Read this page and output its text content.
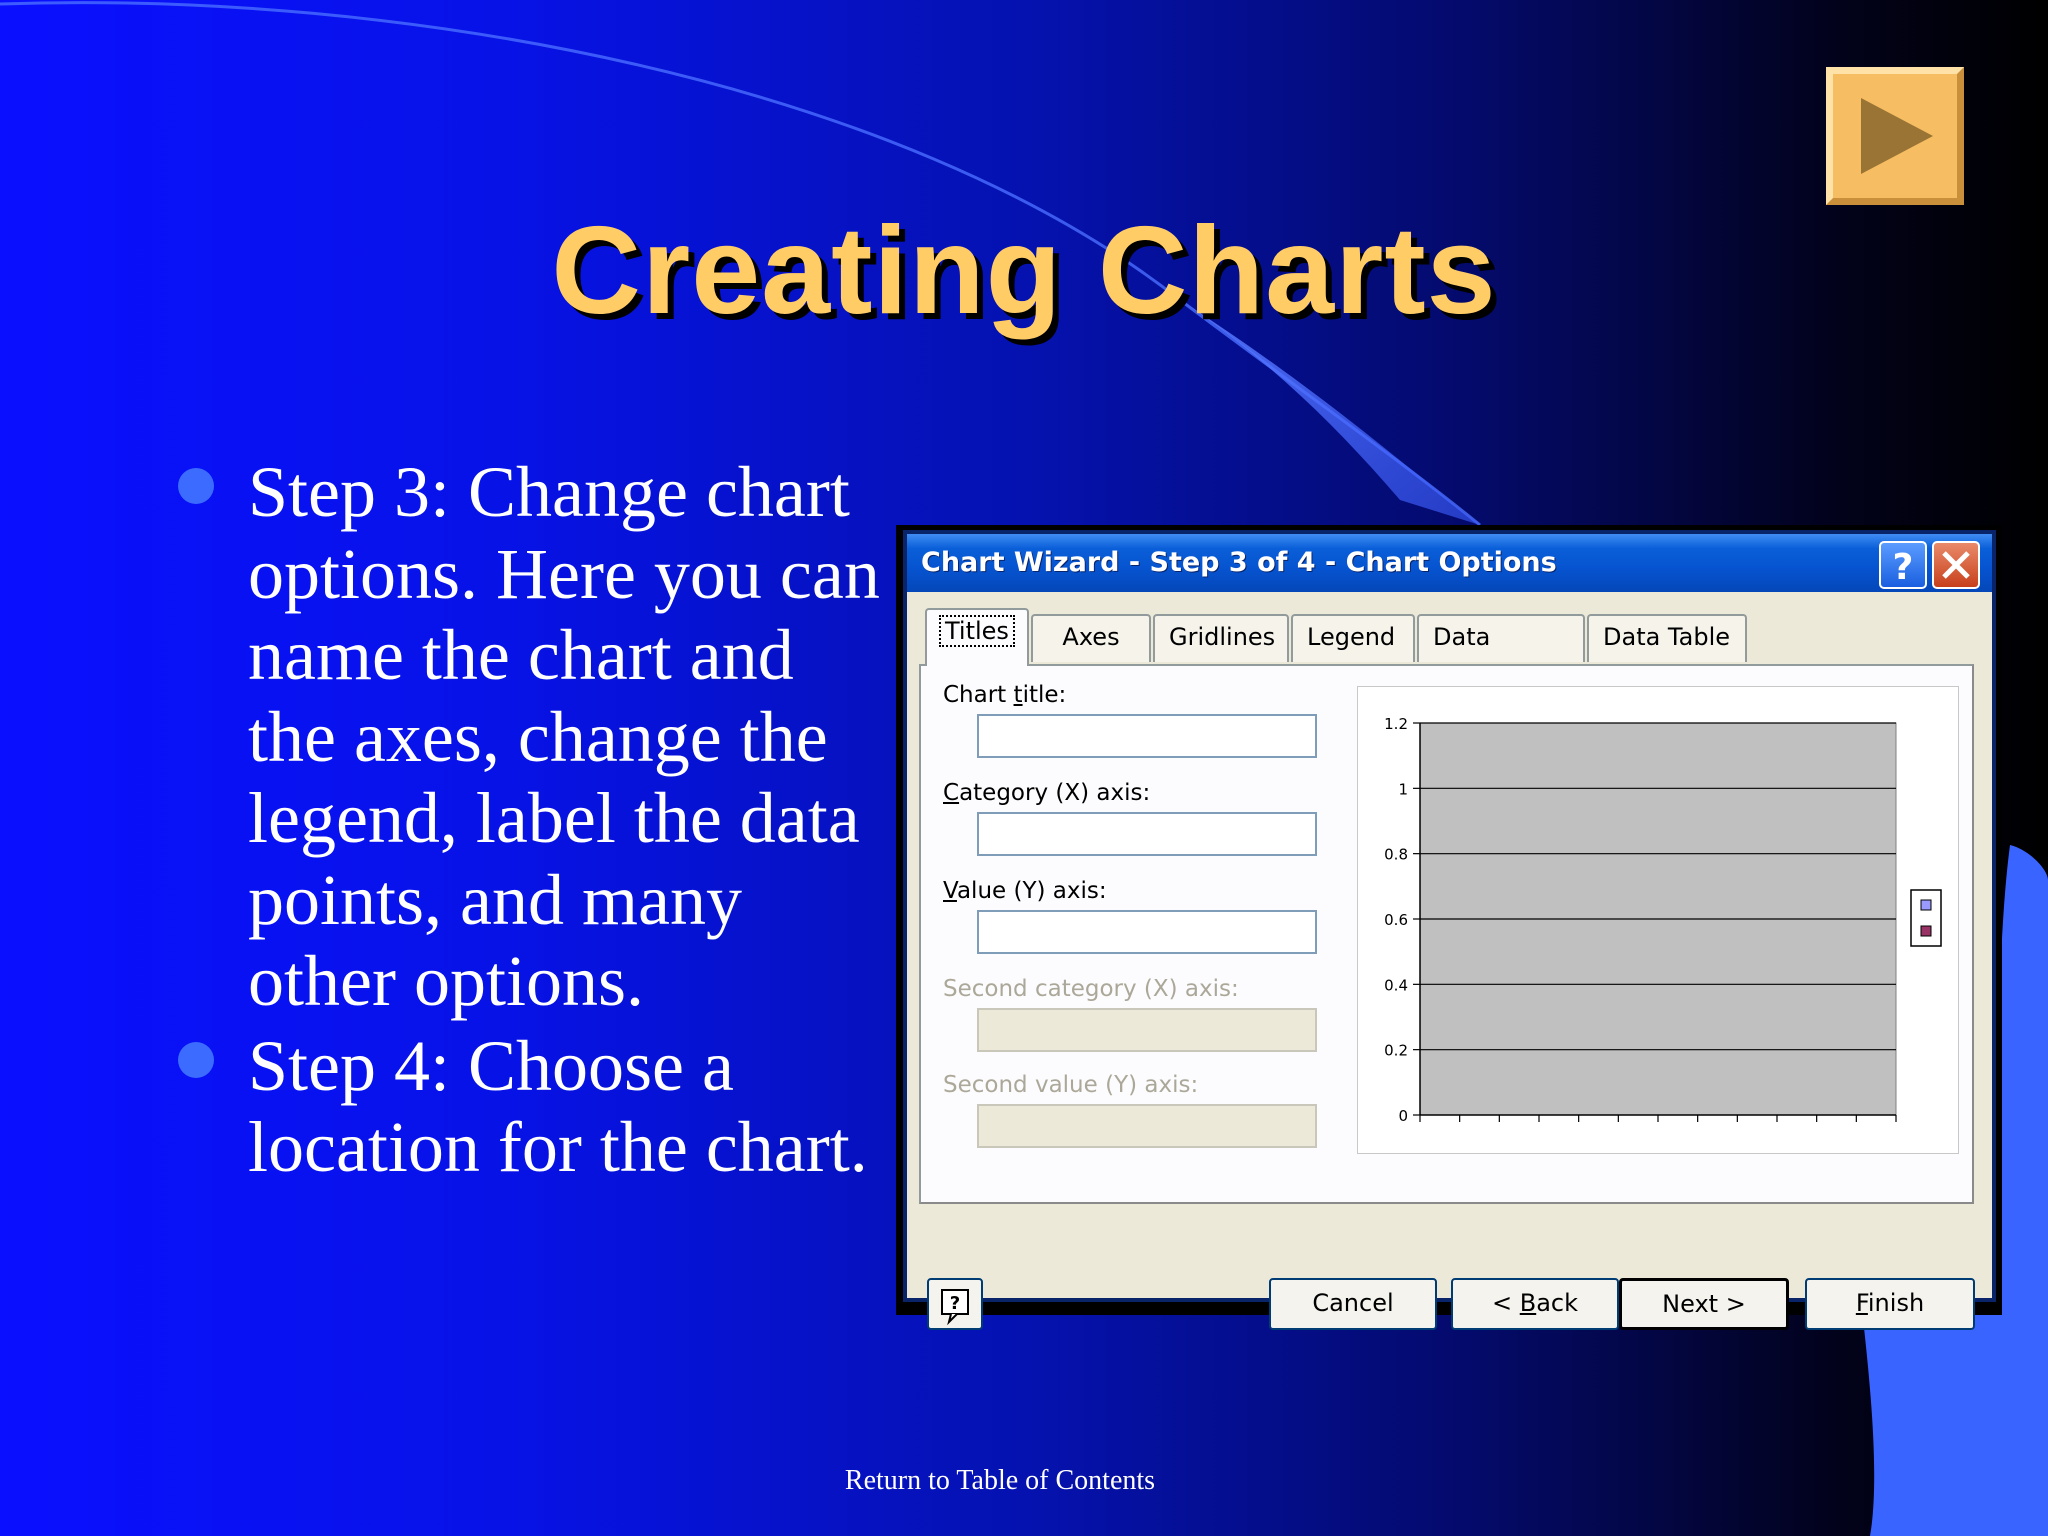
Creating Charts
Step 3: Change chart options. Here you can name the chart and the axes, change the legend, label the data points, and many other options.
Step 4: Choose a location for the chart.
Chart Wizard - Step 3 of 4 - Chart Options	?
Titles	Axes	Gridlines	Legend	Data	Data Table
Chart title:
Category (X) axis:
Value (Y) axis:
Second category (X) axis:
Second value (Y) axis:
0
0.2
0.4
0.6
0.8
1
1.2
?	Cancel	< Back	Next >	Finish
Return to Table of Contents
